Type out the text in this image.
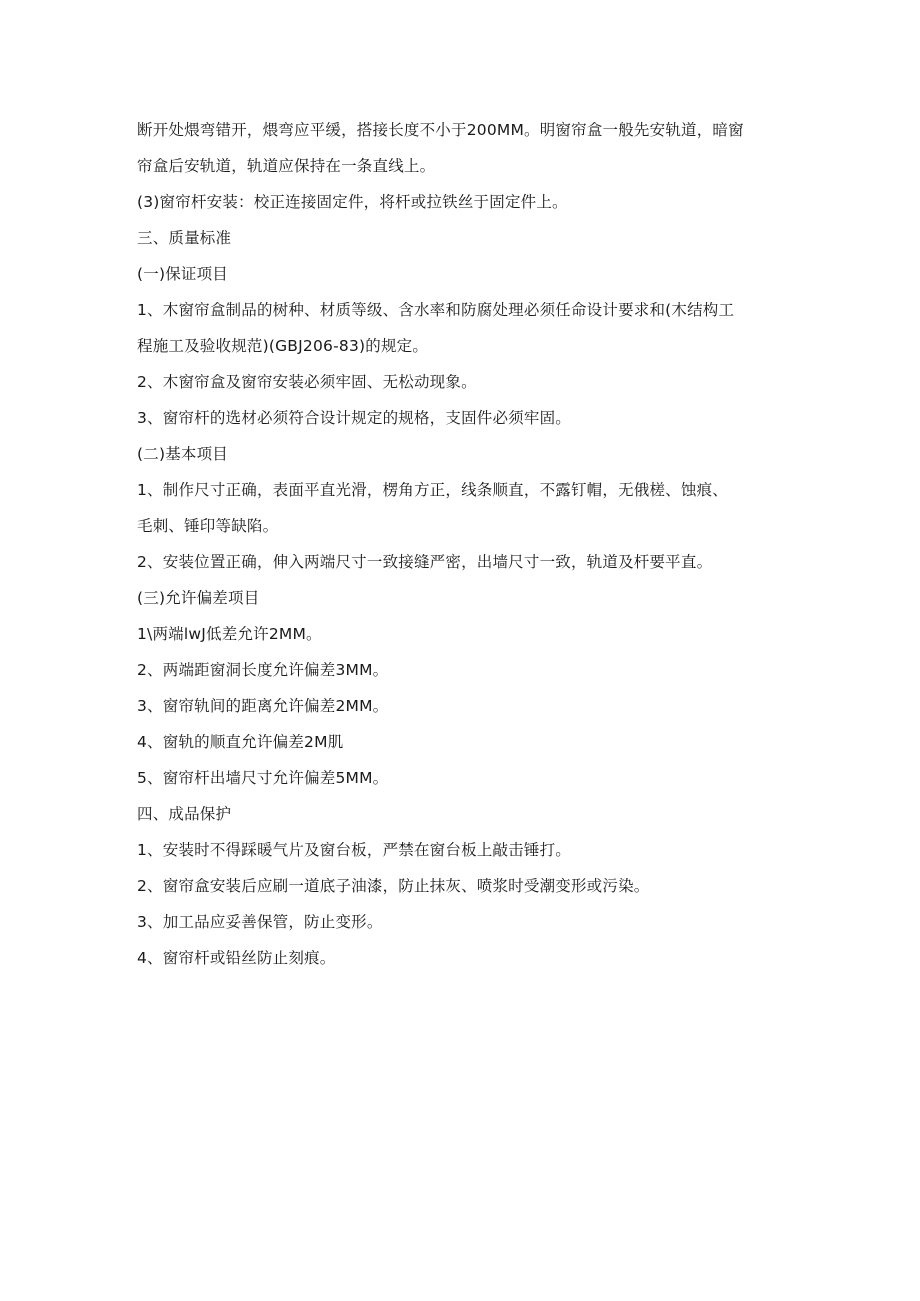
断开处煨弯错开，煨弯应平缓，搭接长度不小于200MM。明窗帘盒一般先安轨道，暗窗

帘盒后安轨道，轨道应保持在一条直线上。

(3)窗帘杆安装：校正连接固定件，将杆或拉铁丝于固定件上。

三、质量标准

(一)保证项目

1、木窗帘盒制品的树种、材质等级、含水率和防腐处理必须任命设计要求和(木结构工

程施工及验收规范)(GBJ206-83)的规定。

2、木窗帘盒及窗帘安装必须牢固、无松动现象。

3、窗帘杆的选材必须符合设计规定的规格，支固件必须牢固。

(二)基本项目

1、制作尺寸正确，表面平直光滑，楞角方正，线条顺直，不露钉帽，无俄槎、蚀痕、

毛刺、锤印等缺陷。

2、安装位置正确，伸入两端尺寸一致接缝严密，出墙尺寸一致，轨道及杆要平直。

(三)允许偏差项目

1\两端lwJ低差允许2MM。

2、两端距窗洞长度允许偏差3MM。

3、窗帘轨间的距离允许偏差2MM。

4、窗轨的顺直允许偏差2M肌

5、窗帘杆出墙尺寸允许偏差5MM。

四、成品保护

1、安装时不得踩暖气片及窗台板，严禁在窗台板上敲击锤打。

2、窗帘盒安装后应刷一道底子油漆，防止抹灰、喷浆时受潮变形或污染。

3、加工品应妥善保管，防止变形。

4、窗帘杆或铅丝防止刻痕。
